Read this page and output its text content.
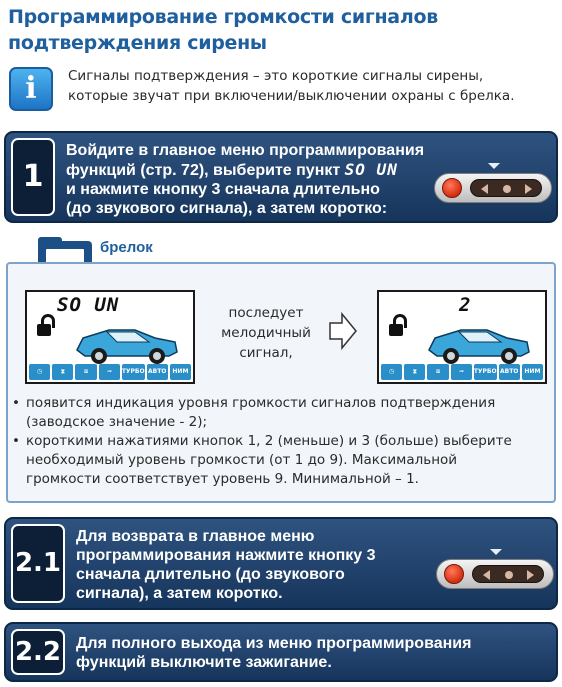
Программирование громкости сигналов
подтверждения сирены
i	Сигналы подтверждения – это короткие сигналы сирены,
которые звучат при включении/выключении охраны с брелка.
1
Войдите в главное меню программирования
функций (стр. 72), выберите пункт SO UN
и нажмите кнопку 3 сначала длительно
(до звукового сигнала), а затем коротко:
брелок
SO UN
◷	⧗	≋	⊸	ТУРБО АВТО НИМ
последует
мелодичный
сигнал,
2
◷	⧗	≋	⊸	ТУРБО АВТО НИМ
• появится индикация уровня громкости сигналов подтверждения
(заводское значение - 2);
• короткими нажатиями кнопок 1, 2 (меньше) и 3 (больше) выберите
необходимый уровень громкости (от 1 до 9). Максимальной
громкости соответствует уровень 9. Минимальной – 1.
2.1
Для возврата в главное меню
программирования нажмите кнопку 3
сначала длительно (до звукового
сигнала), а затем коротко.
2.2 Для полного выхода из меню программирования
функций выключите зажигание.
